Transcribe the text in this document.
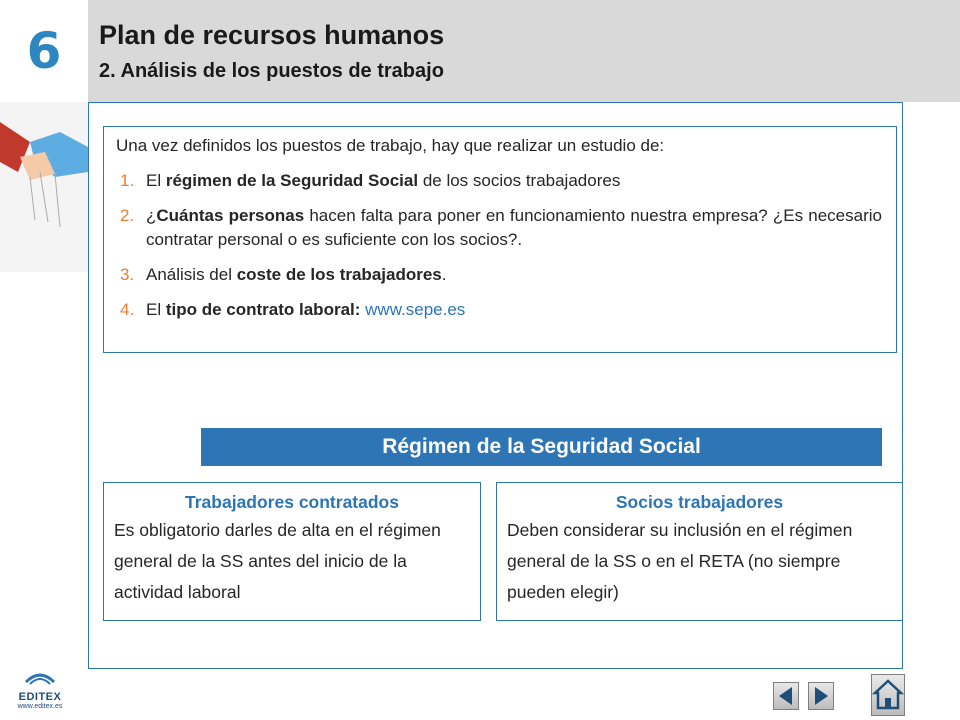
6	Plan de recursos humanos
2. Análisis de los puestos de trabajo

Una vez definidos los puestos de trabajo, hay que realizar un estudio de:

1. El régimen de la Seguridad Social de los socios trabajadores
2. ¿Cuántas personas hacen falta para poner en funcionamiento nuestra empresa? ¿Es necesario contratar personal o es suficiente con los socios?.
3. Análisis del coste de los trabajadores.
4. El tipo de contrato laboral: www.sepe.es
Régimen de la Seguridad Social
Trabajadores contratados
Es obligatorio darles de alta en el régimen general de la SS antes del inicio de la actividad laboral
Socios trabajadores
Deben considerar su inclusión en el régimen general de la SS o en el RETA (no siempre pueden elegir)
EDITEX
www.editex.es
